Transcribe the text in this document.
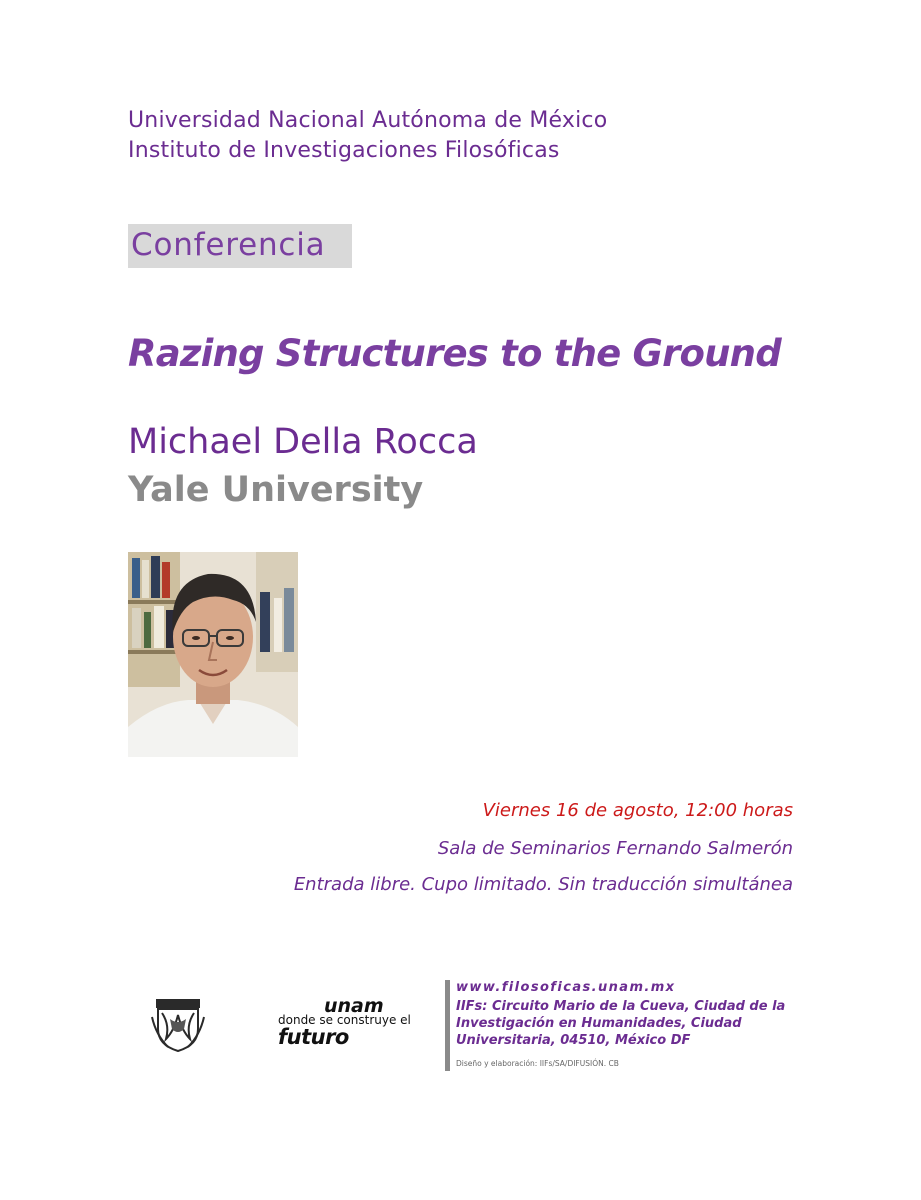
Universidad Nacional Autónoma de México
Instituto de Investigaciones Filosóficas
Conferencia
Razing Structures to the Ground
Michael Della Rocca
Yale University
Viernes 16 de agosto, 12:00 horas
Sala de Seminarios Fernando Salmerón
Entrada libre. Cupo limitado. Sin traducción simultánea
unam
donde se construye el
futuro
www.filosoficas.unam.mx
IIFs: Circuito Mario de la Cueva, Ciudad de la Investigación en Humanidades, Ciudad Universitaria, 04510, México DF
Diseño y elaboración: IIFs/SA/DIFUSIÓN. CB
